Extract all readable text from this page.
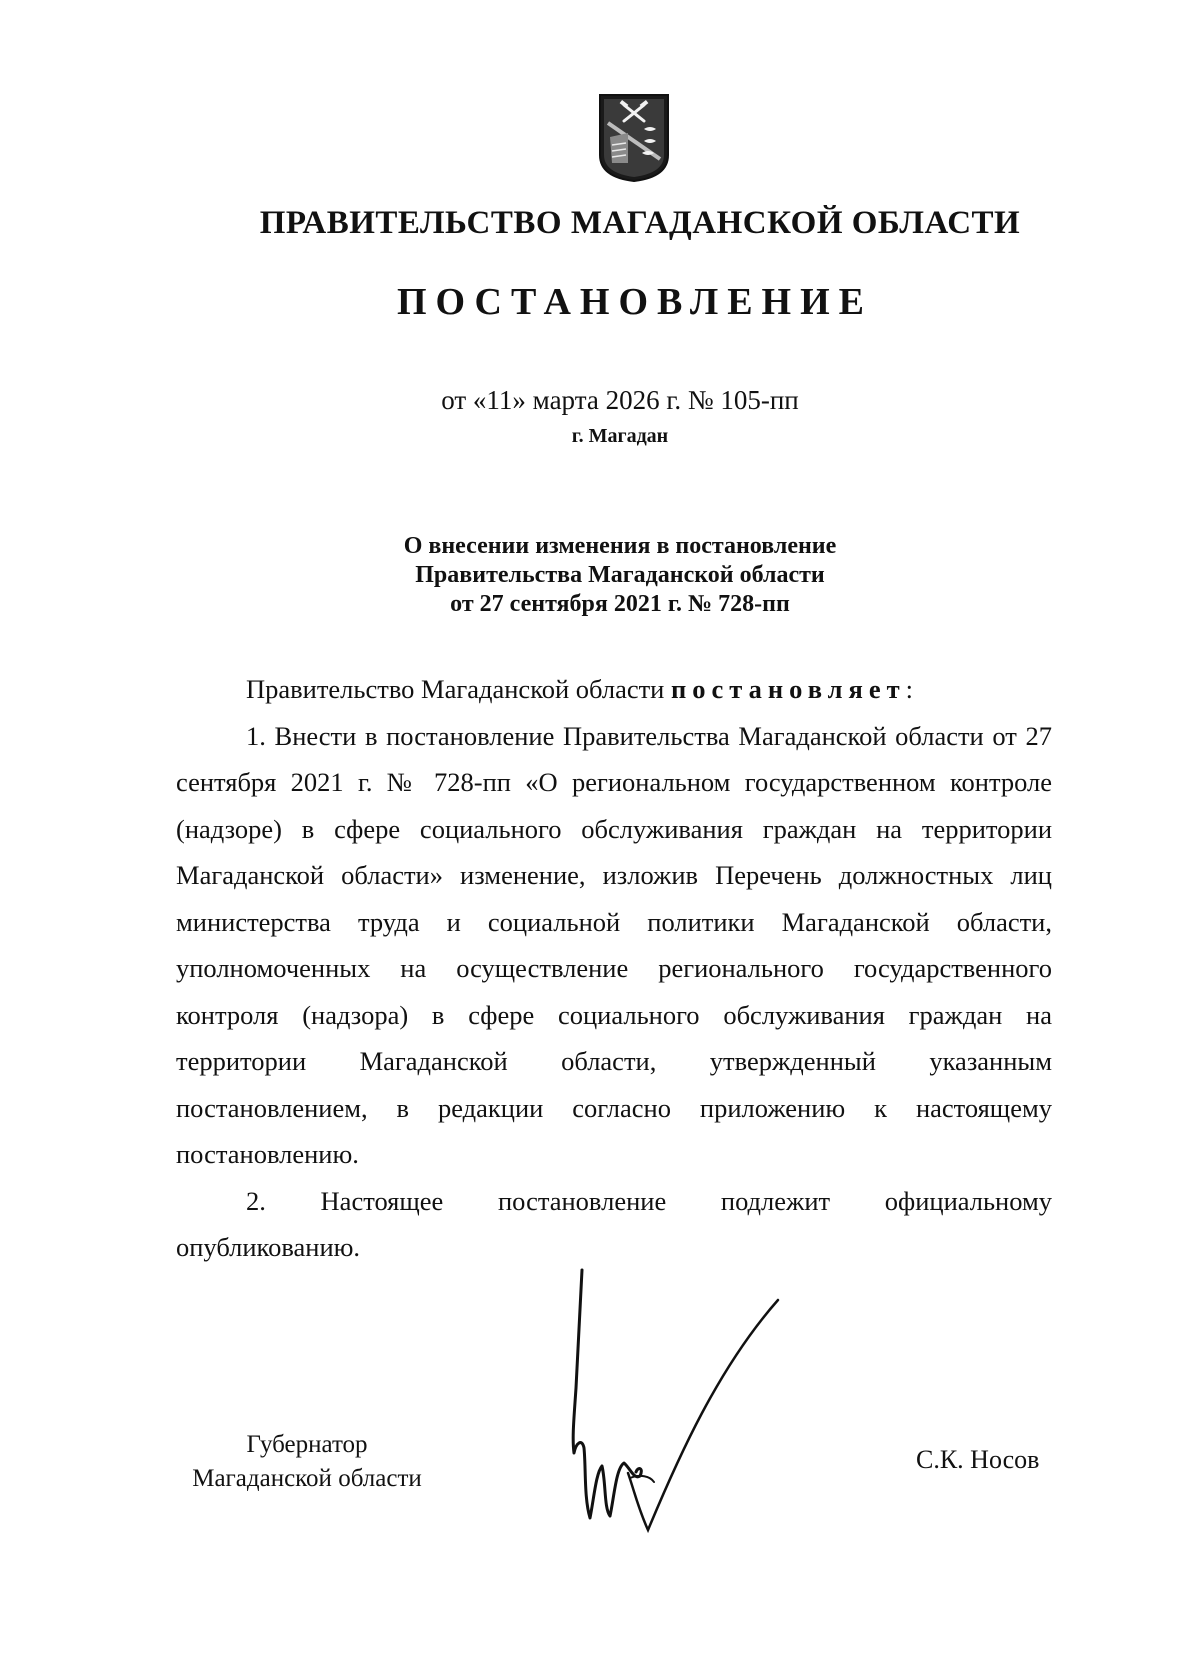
ПРАВИТЕЛЬСТВО МАГАДАНСКОЙ ОБЛАСТИ
ПОСТАНОВЛЕНИЕ
от «11» марта 2026 г. № 105-пп
г. Магадан
О внесении изменения в постановление
Правительства Магаданской области
от 27 сентября 2021 г. № 728-пп

Правительство Магаданской области постановляет:

1. Внести в постановление Правительства Магаданской области от 27 сентября 2021 г. № 728-пп «О региональном государственном контроле (надзоре) в сфере социального обслуживания граждан на территории Магаданской области» изменение, изложив Перечень должностных лиц министерства труда и социальной политики Магаданской области, уполномоченных на осуществление регионального государственного контроля (надзора) в сфере социального обслуживания граждан на территории Магаданской области, утвержденный указанным постановлением, в редакции согласно приложению к настоящему постановлению.

2. Настоящее постановление подлежит официальному
опубликованию.
Губернатор
Магаданской области
С.К. Носов
